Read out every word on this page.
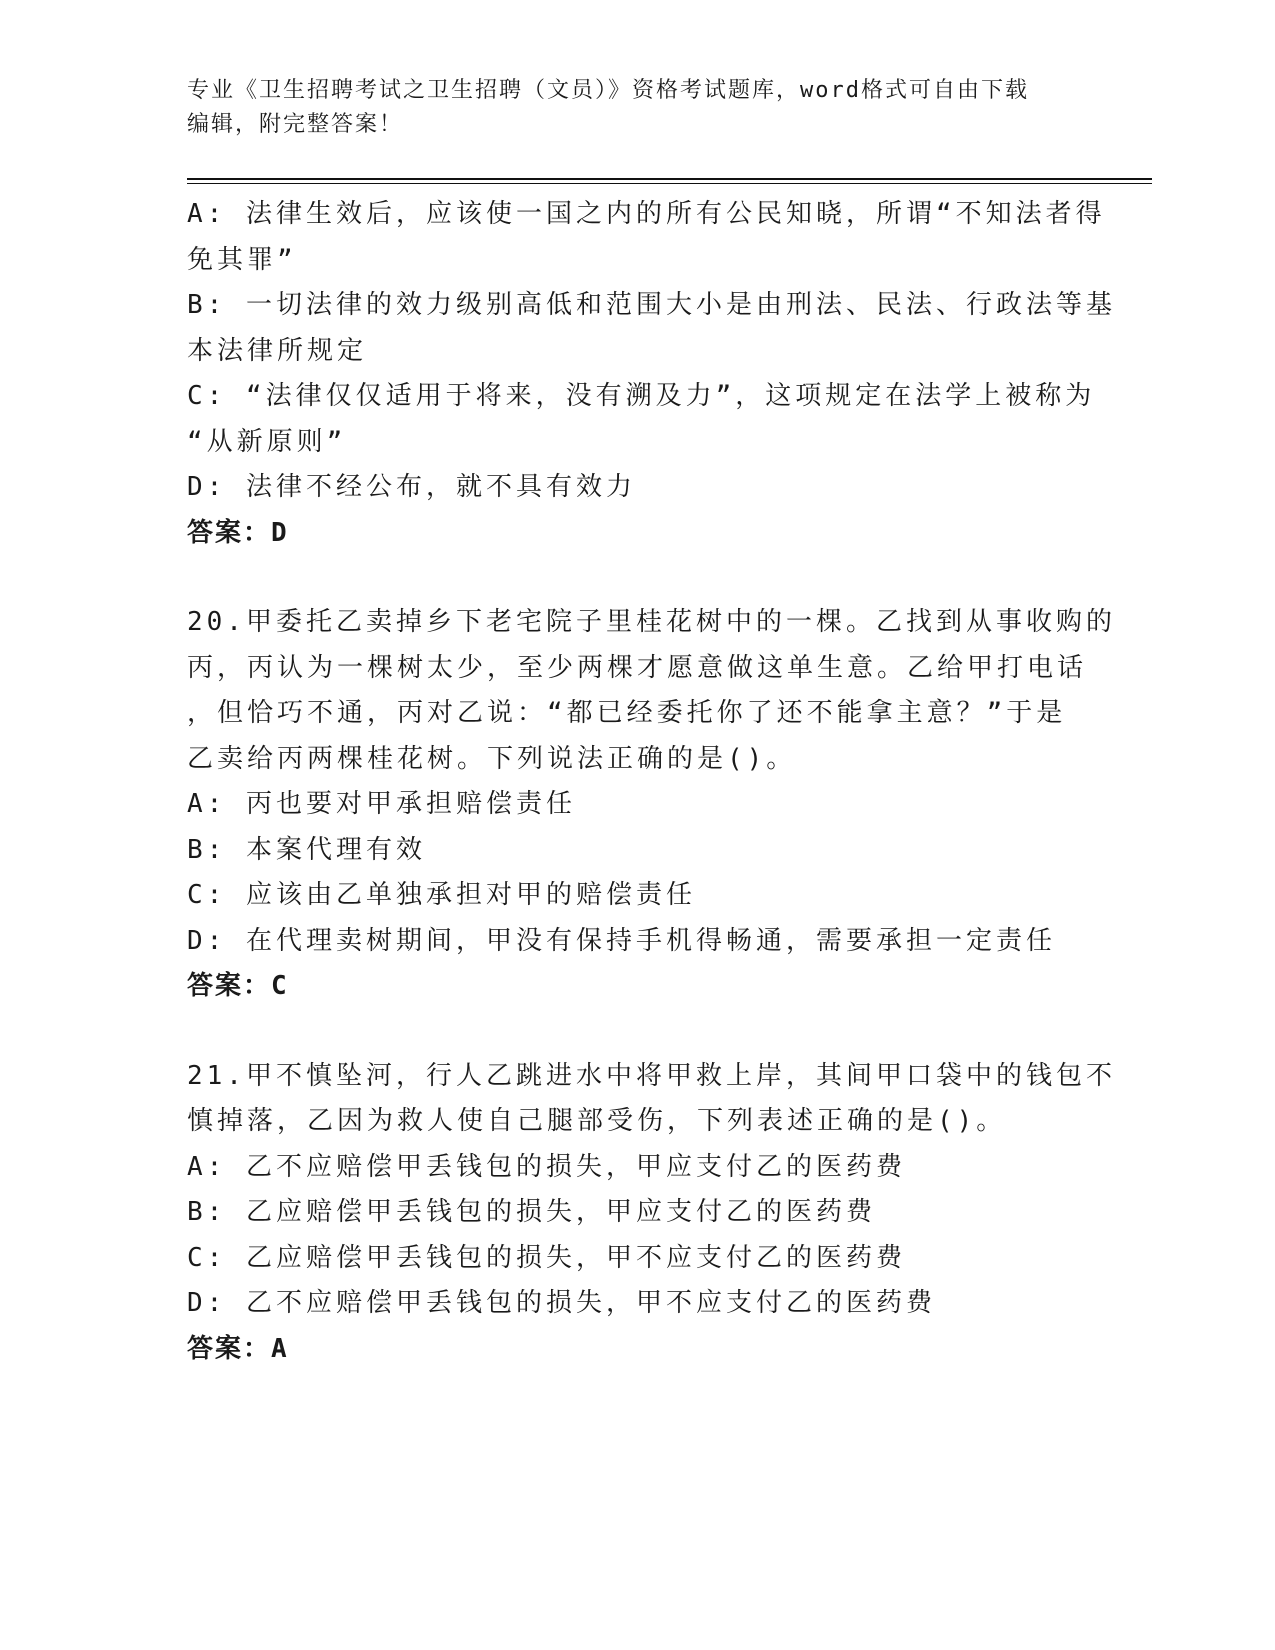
专业《卫生招聘考试之卫生招聘（文员）》资格考试题库，word格式可自由下载
编辑，附完整答案！
A: 法律生效后，应该使一国之内的所有公民知晓，所谓“不知法者得
免其罪”
B: 一切法律的效力级别高低和范围大小是由刑法、民法、行政法等基
本法律所规定
C: “法律仅仅适用于将来，没有溯及力”，这项规定在法学上被称为
“从新原则”
D: 法律不经公布，就不具有效力
答案：D
20.甲委托乙卖掉乡下老宅院子里桂花树中的一棵。乙找到从事收购的
丙，丙认为一棵树太少，至少两棵才愿意做这单生意。乙给甲打电话
，但恰巧不通，丙对乙说：“都已经委托你了还不能拿主意？”于是
乙卖给丙两棵桂花树。下列说法正确的是()。
A: 丙也要对甲承担赔偿责任
B: 本案代理有效
C: 应该由乙单独承担对甲的赔偿责任
D: 在代理卖树期间，甲没有保持手机得畅通，需要承担一定责任
答案：C
21.甲不慎坠河，行人乙跳进水中将甲救上岸，其间甲口袋中的钱包不
慎掉落，乙因为救人使自己腿部受伤，下列表述正确的是()。
A: 乙不应赔偿甲丢钱包的损失，甲应支付乙的医药费
B: 乙应赔偿甲丢钱包的损失，甲应支付乙的医药费
C: 乙应赔偿甲丢钱包的损失，甲不应支付乙的医药费
D: 乙不应赔偿甲丢钱包的损失，甲不应支付乙的医药费
答案：A
